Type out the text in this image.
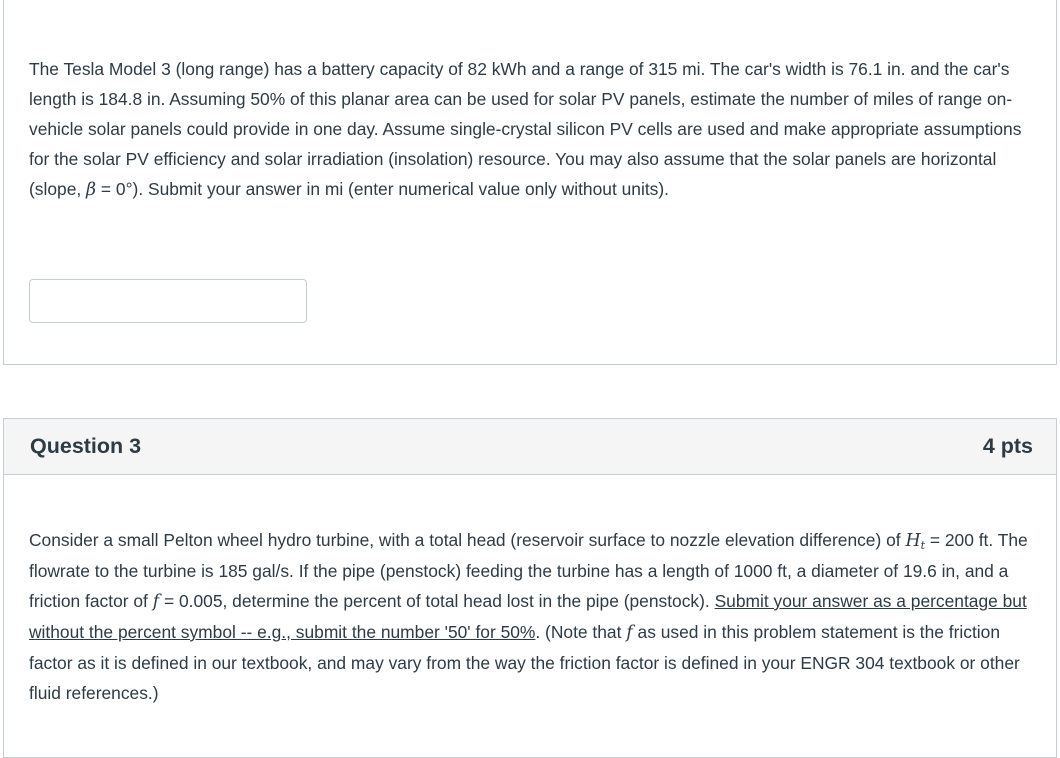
The Tesla Model 3 (long range) has a battery capacity of 82 kWh and a range of 315 mi. The car's width is 76.1 in. and the car's length is 184.8 in. Assuming 50% of this planar area can be used for solar PV panels, estimate the number of miles of range on-vehicle solar panels could provide in one day. Assume single-crystal silicon PV cells are used and make appropriate assumptions for the solar PV efficiency and solar irradiation (insolation) resource. You may also assume that the solar panels are horizontal (slope, β = 0°). Submit your answer in mi (enter numerical value only without units).

Question 3	4 pts

Consider a small Pelton wheel hydro turbine, with a total head (reservoir surface to nozzle elevation difference) of $H_t = 200$ ft. The flowrate to the turbine is 185 gal/s. If the pipe (penstock) feeding the turbine has a length of 1000 ft, a diameter of 19.6 in, and a friction factor of f = 0.005, determine the percent of total head lost in the pipe (penstock). Submit your answer as a percentage but without the percent symbol -- e.g., submit the number '50' for 50%. (Note that f as used in this problem statement is the friction factor as it is defined in our textbook, and may vary from the way the friction factor is defined in your ENGR 304 textbook or other fluid references.)
